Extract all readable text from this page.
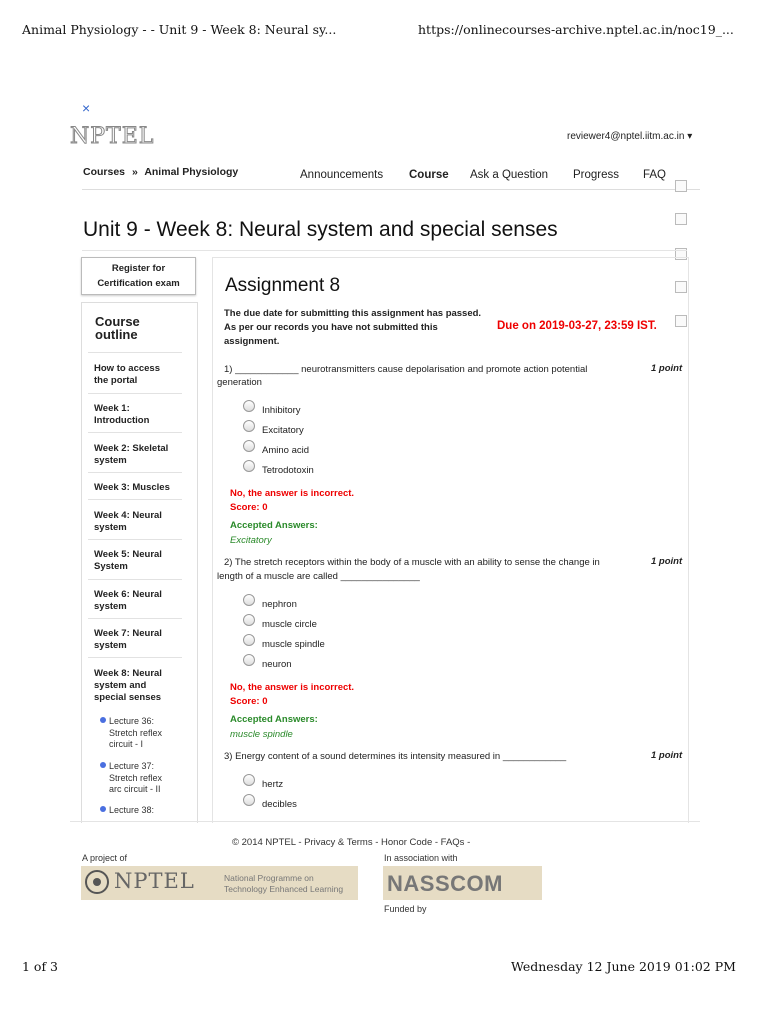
Animal Physiology - - Unit 9 - Week 8: Neural sy...	https://onlinecourses-archive.nptel.ac.in/noc19_...
×
NPTEL	reviewer4@nptel.iitm.ac.in ▾
Courses » Animal Physiology	Announcements Course Ask a Question Progress FAQ
Unit 9 - Week 8: Neural system and special senses
Register for
Certification exam
Course
outline
How to access
the portal
Week 1:
Introduction
Week 2: Skeletal
system
Week 3: Muscles
Week 4: Neural
system
Week 5: Neural
System
Week 6: Neural
system
Week 7: Neural
system
Week 8: Neural
system and
special senses
Lecture 36:
Stretch reflex
circuit - I
Lecture 37:
Stretch reflex
arc circuit - II
Lecture 38:
Assignment 8
The due date for submitting this assignment has passed.
As per our records you have not submitted this
assignment.
Due on 2019-03-27, 23:59 IST.
1) ____________ neurotransmitters cause depolarisation and promote action potential
generation
1 point
Inhibitory
Excitatory
Amino acid
Tetrodotoxin
No, the answer is incorrect.
Score: 0
Accepted Answers:
Excitatory
2) The stretch receptors within the body of a muscle with an ability to sense the change in
length of a muscle are called _______________
1 point
nephron
muscle circle
muscle spindle
neuron
No, the answer is incorrect.
Score: 0
Accepted Answers:
muscle spindle
3) Energy content of a sound determines its intensity measured in ____________	1 point
hertz
decibles
© 2014 NPTEL - Privacy & Terms - Honor Code - FAQs -
A project of	In association with
NPTEL	National Programme on
Technology Enhanced Learning NASSCOM
Funded by
1 of 3	Wednesday 12 June 2019 01:02 PM
